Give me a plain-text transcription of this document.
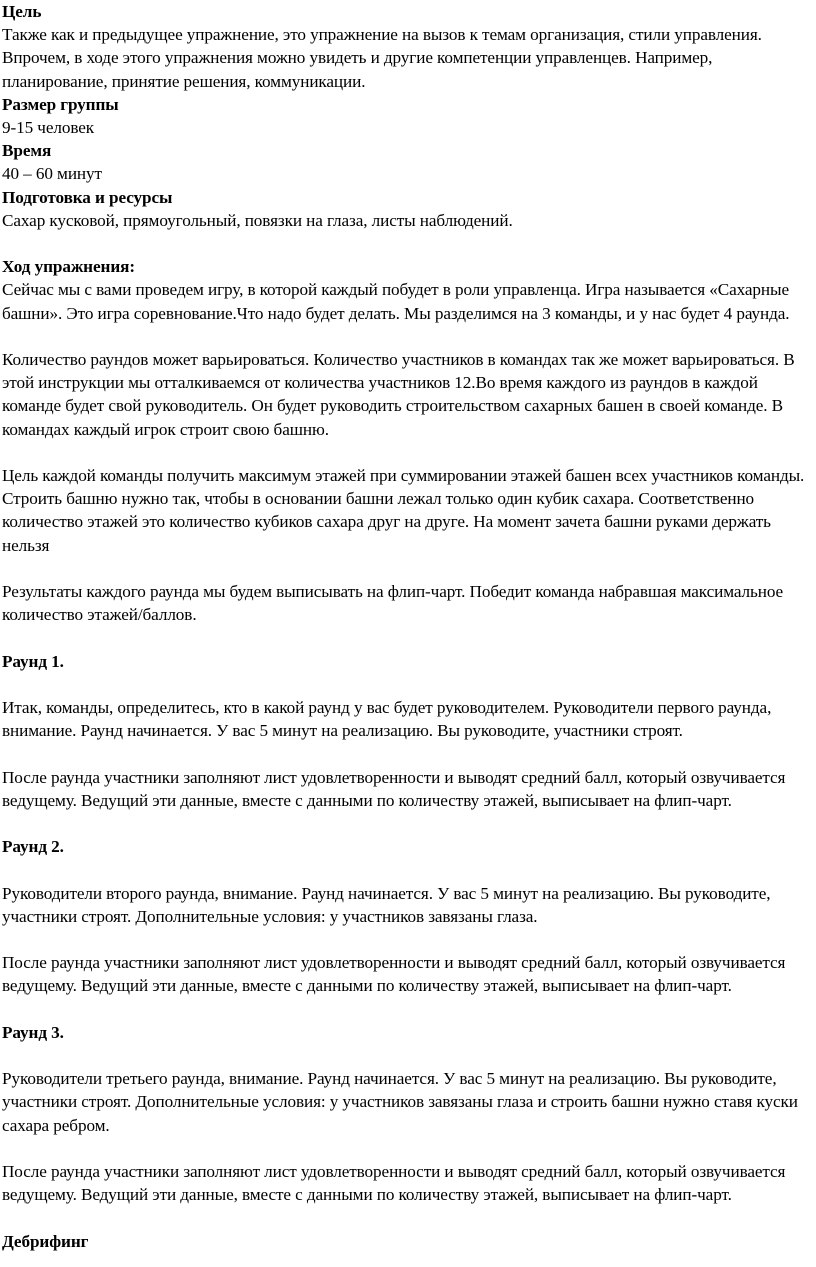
Цель

Также как и предыдущее упражнение, это упражнение на вызов к темам организация, стили управления. Впрочем, в ходе этого упражнения можно увидеть и другие компетенции управленцев. Например, планирование, принятие решения, коммуникации.

Размер группы

9-15 человек

Время

40 – 60 минут

Подготовка и ресурсы

Сахар кусковой, прямоугольный, повязки на глаза, листы наблюдений.

Ход упражнения:

Сейчас мы с вами проведем игру, в которой каждый побудет в роли управленца. Игра называется «Сахарные башни». Это игра соревнование.Что надо будет делать. Мы разделимся на 3 команды, и у нас будет 4 раунда.

Количество раундов может варьироваться. Количество участников в командах так же может варьироваться. В этой инструкции мы отталкиваемся от количества участников 12.Во время каждого из раундов в каждой команде будет свой руководитель. Он будет руководить строительством сахарных башен в своей команде. В командах каждый игрок строит свою башню.

Цель каждой команды получить максимум этажей при суммировании этажей башен всех участников команды. Строить башню нужно так, чтобы в основании башни лежал только один кубик сахара. Соответственно количество этажей это количество кубиков сахара друг на друге. На момент зачета башни руками держать нельзя

Результаты каждого раунда мы будем выписывать на флип-чарт. Победит команда набравшая максимальное количество этажей/баллов.

Раунд 1.

Итак, команды, определитесь, кто в какой раунд у вас будет руководителем. Руководители первого раунда, внимание. Раунд начинается. У вас 5 минут на реализацию. Вы руководите, участники строят.

После раунда участники заполняют лист удовлетворенности и выводят средний балл, который озвучивается ведущему. Ведущий эти данные, вместе с данными по количеству этажей, выписывает на флип-чарт.

Раунд 2.

Руководители второго раунда, внимание. Раунд начинается. У вас 5 минут на реализацию. Вы руководите, участники строят. Дополнительные условия: у участников завязаны глаза.

После раунда участники заполняют лист удовлетворенности и выводят средний балл, который озвучивается ведущему. Ведущий эти данные, вместе с данными по количеству этажей, выписывает на флип-чарт.

Раунд 3.

Руководители третьего раунда, внимание. Раунд начинается. У вас 5 минут на реализацию. Вы руководите, участники строят. Дополнительные условия: у участников завязаны глаза и строить башни нужно ставя куски сахара ребром.

После раунда участники заполняют лист удовлетворенности и выводят средний балл, который озвучивается ведущему. Ведущий эти данные, вместе с данными по количеству этажей, выписывает на флип-чарт.

Дебрифинг
